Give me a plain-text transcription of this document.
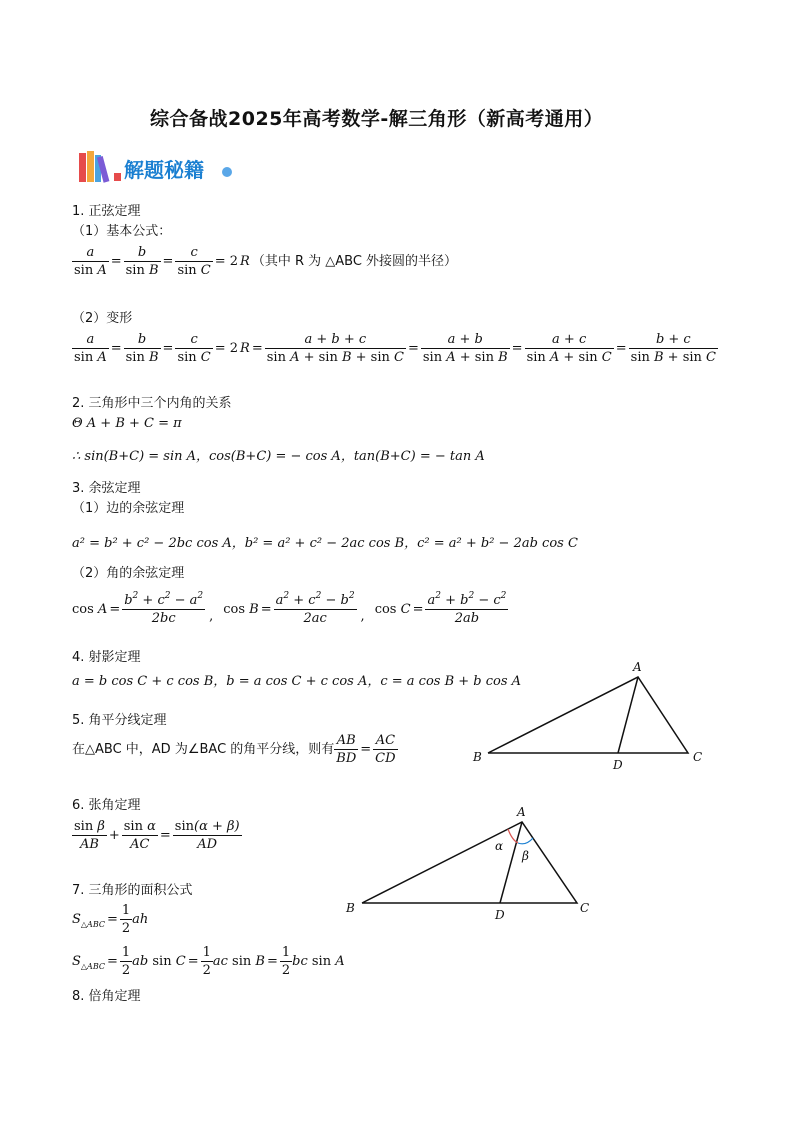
综合备战2025年高考数学-解三角形（新高考通用）
解题秘籍
1. 正弦定理
（1）基本公式：
$\frac{a}{\text{sin A}} = \frac{b}{\text{sin B}} = \frac{c}{\text{sin C}} = 2$ R （其中 R 为 △ABC 外接圆的半径）
（2）变形
$\frac{a}{\text{sin A}} = \frac{b}{\text{sin B}} = \frac{c}{\text{sin C}} = 2$ $R = \frac{a + b + c}{\text{sin A + sin B + sin C}} = \frac{a + b}{\text{sin A + sin B}} = \frac{a + c}{\text{sin A + sin C}} = \frac{b + c}{\text{sin B + sin C}}$
2. 三角形中三个内角的关系
Θ A + B + C = π
∴ sin(B+C) = sin A，cos(B+C) = − cos A，tan(B+C) = − tan A
3. 余弦定理
（1）边的余弦定理
a² = b² + c² − 2bc cos A，b² = a² + c² − 2ac cos B，c² = a² + b² − 2ab cos C
（2）角的余弦定理
$\cos A = \frac{b^2 + c^2 - a^2}{2bc}$ , $\cos B = \frac{a^2 + c^2 - b^2}{2ac}$ , $\cos C = \frac{a^2 + b^2 - c^2}{2ab}$
4. 射影定理
a = b cos C + c cos B，b = a cos C + c cos A，c = a cos B + b cos A
5. 角平分线定理
在△ABC 中，AD 为∠BAC 的角平分线，则有 $\frac{AB}{BD} = \frac{AC}{CD}$
A
B	C
D
6. 张角定理
$\frac{\text{sin β}}{AB} + \frac{\text{sin α}}{AC} = \frac{\sin(\alpha + \beta)}{AD}$
A
B	C
D
α
β
7. 三角形的面积公式
$S_{\triangle ABC} = \frac{1}{2}$ ah
$S_{\triangle ABC} = \frac{1}{2}$ ab $\sin C = \frac{1}{2}$ ac $\sin B = \frac{1}{2}$ bc sin A
8. 倍角定理
